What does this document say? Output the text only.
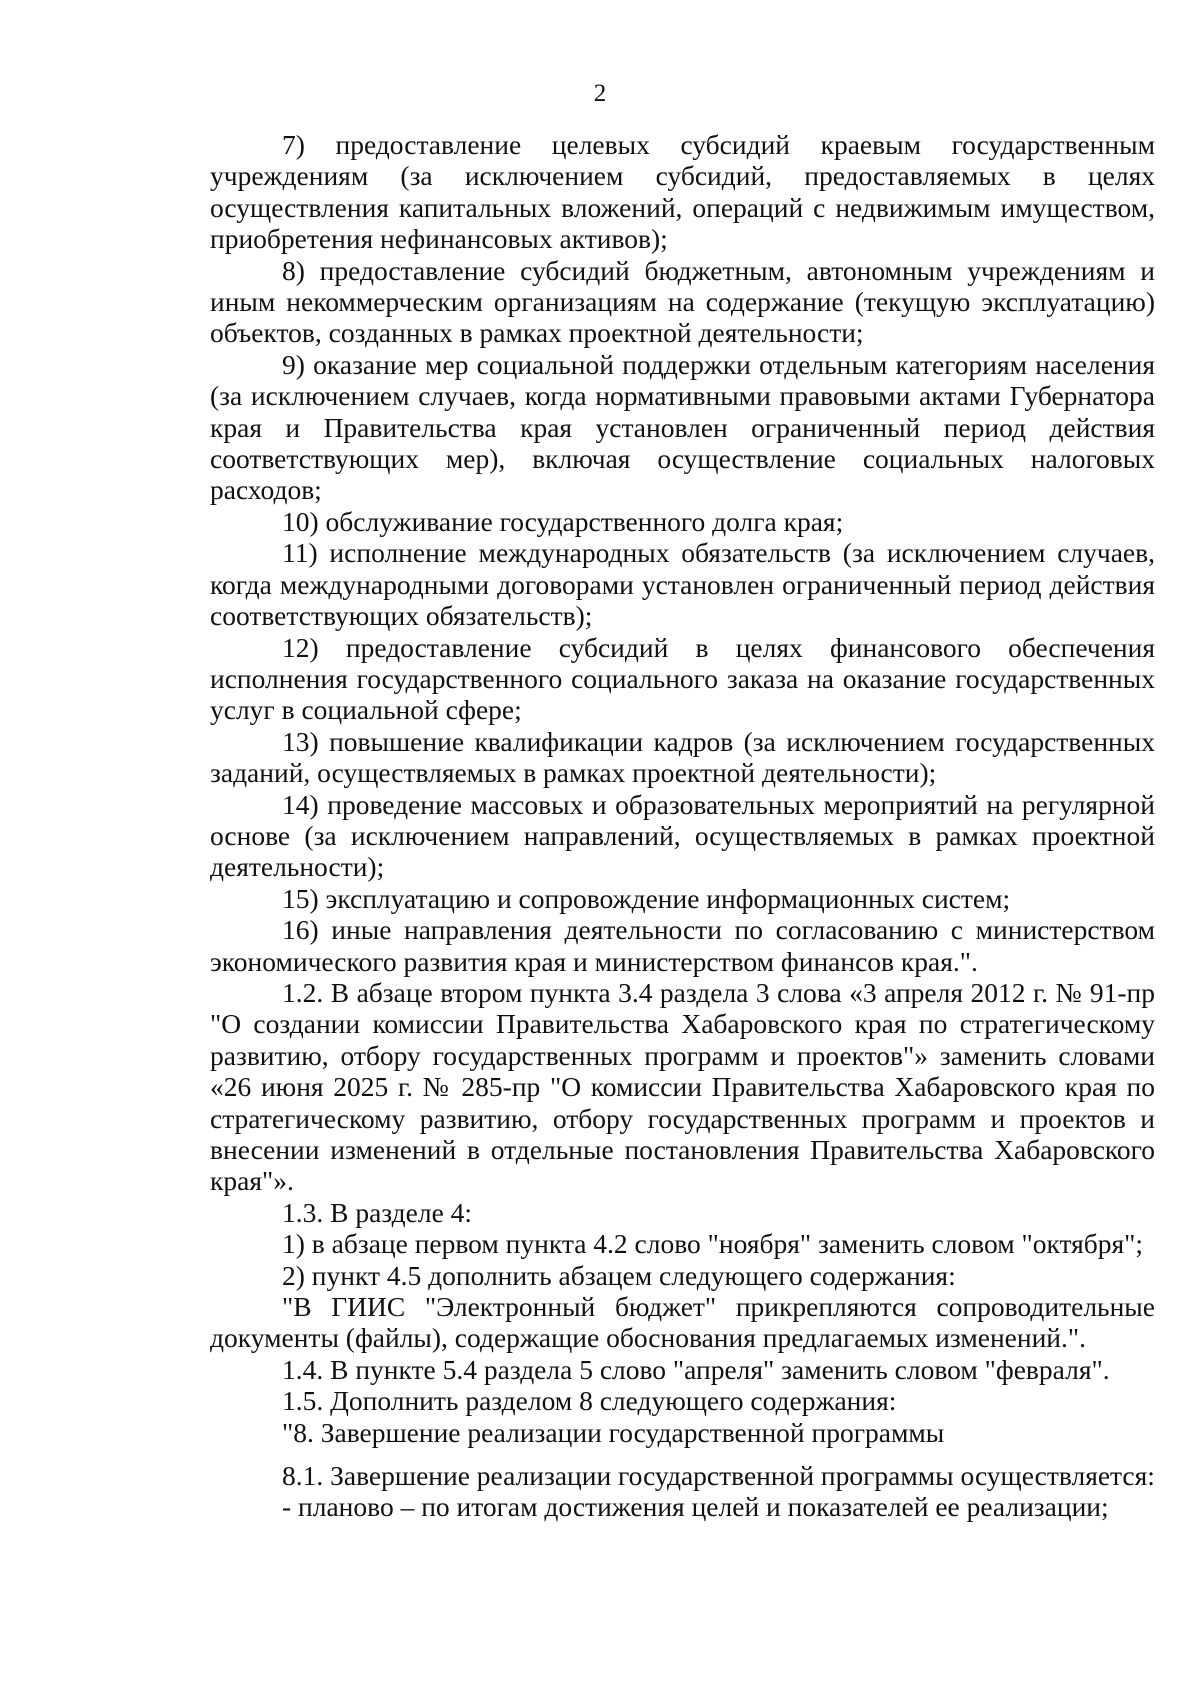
2

7) предоставление целевых субсидий краевым государственным учреждениям (за исключением субсидий, предоставляемых в целях осуществления капитальных вложений, операций с недвижимым имуществом, приобретения нефинансовых активов);

8) предоставление субсидий бюджетным, автономным учреждениям и иным некоммерческим организациям на содержание (текущую эксплуатацию) объектов, созданных в рамках проектной деятельности;

9) оказание мер социальной поддержки отдельным категориям населения (за исключением случаев, когда нормативными правовыми актами Губернатора края и Правительства края установлен ограниченный период действия соответствующих мер), включая осуществление социальных налоговых расходов;

10) обслуживание государственного долга края;

11) исполнение международных обязательств (за исключением случаев, когда международными договорами установлен ограниченный период действия соответствующих обязательств);

12) предоставление субсидий в целях финансового обеспечения исполнения государственного социального заказа на оказание государственных услуг в социальной сфере;

13) повышение квалификации кадров (за исключением государственных заданий, осуществляемых в рамках проектной деятельности);

14) проведение массовых и образовательных мероприятий на регулярной основе (за исключением направлений, осуществляемых в рамках проектной деятельности);

15) эксплуатацию и сопровождение информационных систем;

16) иные направления деятельности по согласованию с министерством экономического развития края и министерством финансов края.".

1.2. В абзаце втором пункта 3.4 раздела 3 слова «3 апреля 2012 г. № 91-пр "О создании комиссии Правительства Хабаровского края по стратегическому развитию, отбору государственных программ и проектов"» заменить словами «26 июня 2025 г. № 285-пр "О комиссии Правительства Хабаровского края по стратегическому развитию, отбору государственных программ и проектов и внесении изменений в отдельные постановления Правительства Хабаровского края"».

1.3. В разделе 4:

1) в абзаце первом пункта 4.2 слово "ноября" заменить словом "октября";

2) пункт 4.5 дополнить абзацем следующего содержания:

"В ГИИС "Электронный бюджет" прикрепляются сопроводительные документы (файлы), содержащие обоснования предлагаемых изменений.".

1.4. В пункте 5.4 раздела 5 слово "апреля" заменить словом "февраля".

1.5. Дополнить разделом 8 следующего содержания:

"8. Завершение реализации государственной программы

8.1. Завершение реализации государственной программы осуществляется:

- планово – по итогам достижения целей и показателей ее реализации;
